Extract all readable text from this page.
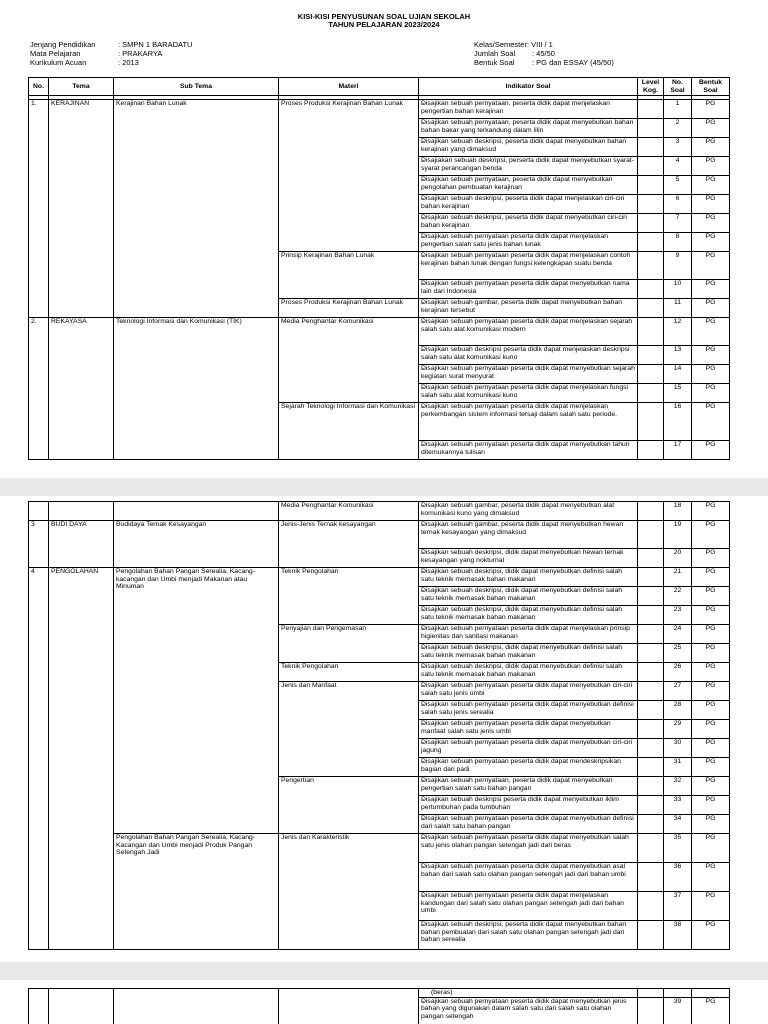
KISI-KISI PENYUSUNAN SOAL UJIAN SEKOLAH
TAHUN PELAJARAN 2023/2024
Jenjang Pendidikan	: SMPN 1 BARADATU
Mata Pelajaran	: PRAKARYA
Kurikulum Acuan	: 2013
Kelas/Semester : VIII / 1
Jumlah Soal	: 45/50
Bentuk Soal	: PG dan ESSAY (45/50)
No.	Tema	Sub Tema	Materi	Indikator Soal	Level Kog.	No. Soal	Bentuk Soal

1.	KERAJINAN	Kerajinan Bahan Lunak	Proses Produksi Kerajinan Bahan Lunak	- Disajikan sebuah pernyataan, peserta didik dapat menjelaskan pengertian bahan kerajinan		1	PG
				- Disajikan sebuah pernyataan, peserta didik dapat menyebutkan bahan bahan bakar yang terkandung dalam lilin		2	PG
				- Disajikan sebuah deskripsi, peserta didik dapat menyebutkan bahan kerajinan yang dimaksud		3	PG
				- Disajiakan sebuah deskripsi, perserta didik dapat menyebutkan syarat-syarat perancangan benda		4	PG
				- Disajikan sebuah pernyataan, peserta didik dapat menyebutkan pengolahan pembuatan kerajinan		5	PG
				- Disajikan sebuah deskripsi, peserta didik dapat menjelaskan ciri-ciri bahan kerajinan		6	PG
				- Disajikan sebuah deskripsi, peserta didik dapat menyebutkan ciri-ciri bahan kerajinan		7	PG
				- Disajikan sebuah pernyataan peserta didik dapat menjelaskan pengertian salah satu jenis bahan lunak		8	PG
			Prinsip Kerajinan Bahan Lunak	- Disajikan sebuah pernyataan peserta didik dapat menjelaskan contoh kerajinan bahan lunak dengan fungsi kelengkapan suatu benda		9	PG
				- Disajikan sebuah pernyataan peserta didik dapat menyebutkan nama lain dari Indonesia		10	PG
			Proses Produksi Kerajinan Bahan Lunak	- Disajikan sebuah gambar, peserta didik dapat menyebutkan bahan kerajinan tersebut		11	PG
2.	REKAYASA	Teknologi Informasi dan Komunikasi (TIK)	Media Penghantar Komunikasi	- Disajikan sebuah pernyataan peserta didik dapat menjelaskan sejarah salah satu alat komunikasi modern		12	PG
				- Disajikan sebuah deskripsi peserta didik dapat menjelaskan deskripsi salah satu alat komunikasi kuno		13	PG
				- Disajikan sebuah pernyataan peserta didik dapat menyebutkan sejarah kegiatan surat menyurat		14	PG
				- Disajikan sebuah pernyataan peserta didik dapat menjelaskan fungsi salah satu alat komunikasi kuno		15	PG
			Sejarah Teknologi Informasi dan Komunikasi	- Disajikan sebuah pernyataan peserta didik dapat menjelaskan perkembangan sistem informasi tersaji dalam salah satu periode.		16	PG
				- Disajikan sebuah pernyataan peserta didik dapat menyebutkan tahun ditemukannya tulisan		17	PG
			Media Penghantar Komunikasi	- Disajikan sebuah gambar, peserta didik dapat menyebutkan alat komunikasi kuno yang dimaksud		18	PG
3	BUDI DAYA	Budidaya Ternak Kesayangan	Jenis-Jenis Ternak kesayangan	- Disajikan sebuah gambar, peserta didik dapat menyebutkan hewan ternak kesayangan yang dimaksud		19	PG
				- Disajikan sebuah deskripsi, didik dapat menyebutkan hewan ternak kesayangan yang nokturnal		20	PG
4	PENGOLAHAN	Pengolahan Bahan Pangan Serealia, Kacang-kacangan dan Umbi menjadi Makanan atau Minuman	Teknik Pengolahan	- Disajikan sebuah deskripsi, didik dapat menyebutkan definisi salah satu teknik memasak bahan makanan		21	PG
				- Disajikan sebuah deskripsi, didik dapat menyebutkan definisi salah satu teknik memasak bahan makanan		22	PG
				- Disajikan sebuah deskripsi, didik dapat menyebutkan definisi salah satu teknik memasak bahan makanan		23	PG
			Penyajian dan Pengemasan	- Disajikan sebuah pernyataan peserta didik dapat menjelaskan prinsip higienitas dan sanitasi makanan		24	PG
				- Disajikan sebuah deskripsi, didik dapat menyebutkan definisi salah satu teknik memasak bahan makanan		25	PG
			Teknik Pengolahan	- Disajikan sebuah deskripsi, didik dapat menyebutkan definisi salah satu teknik memasak bahan makanan		26	PG
			Jenis dan Manfaat	- Disajikan sebuah pernyataan peserta didik dapat menyebutkan ciri-ciri salah satu jenis umbi		27	PG
				- Disajikan sebuah pernyataan peserta didik dapat menyebutkan definisi salah satu jenis serealia		28	PG
				- Disajikan sebuah pernyataan peserta didik dapat menyebutkan manfaat salah satu jenis umbi		29	PG
				- Disajikan sebuah pernyataan peserta didik dapat menyebutkan ciri-ciri jagung		30	PG
				- Disajikan sebuah pernyataan peserta didik dapat mendeskripsikan bagian dari padi		31	PG
			Pengertian	- Disajikan sebuah pernyataan, peserta didik dapat menyebutkan pengertian salah satu bahan pangan		32	PG
				- Disajikan sebuah deskripsi peserta didik dapat menyebutkan iklim pertumbuhan pada tumbuhan		33	PG
				- Disajikan sebuah pernyataan peserta didik dapat menyebutkan definisi dari salah satu bahan pangan		34	PG
		Pengolahan Bahan Pangan Serealia, Kacang-Kacangan dan Umbi menjadi Produk Pangan Setengah Jadi	Jenis dan Karakteristik	- Disajikan sebuah pernyataan peserta didik dapat menyebutkan salah satu jenis olahan pangan setengah jadi dari beras		35	PG
				- Disajikan sebuah pernyataan peserta didik dapat menyebutkan asal bahan dari salah satu olahan pangan setengah jadi dari bahan umbi		36	PG
				- Disajikan sebuah pernyataan peserta didik dapat menjelaskan kandungan dari salah satu olahan pangan setengah jadi dari bahan umbi		37	PG
				- Disajikan sebuah deskripsi, peserta didik dapat menyebutkan bahan bahan pembuatan dari salah satu olahan pangan setengah jadi dari bahan serealia		38	PG
				(beras)			
				- Disajikan sebuah pernyataan peserta didik dapat menyebutkan jenis bahan yang digunakan dalam salah satu dari salah satu olahan pangan setengah		39	PG
